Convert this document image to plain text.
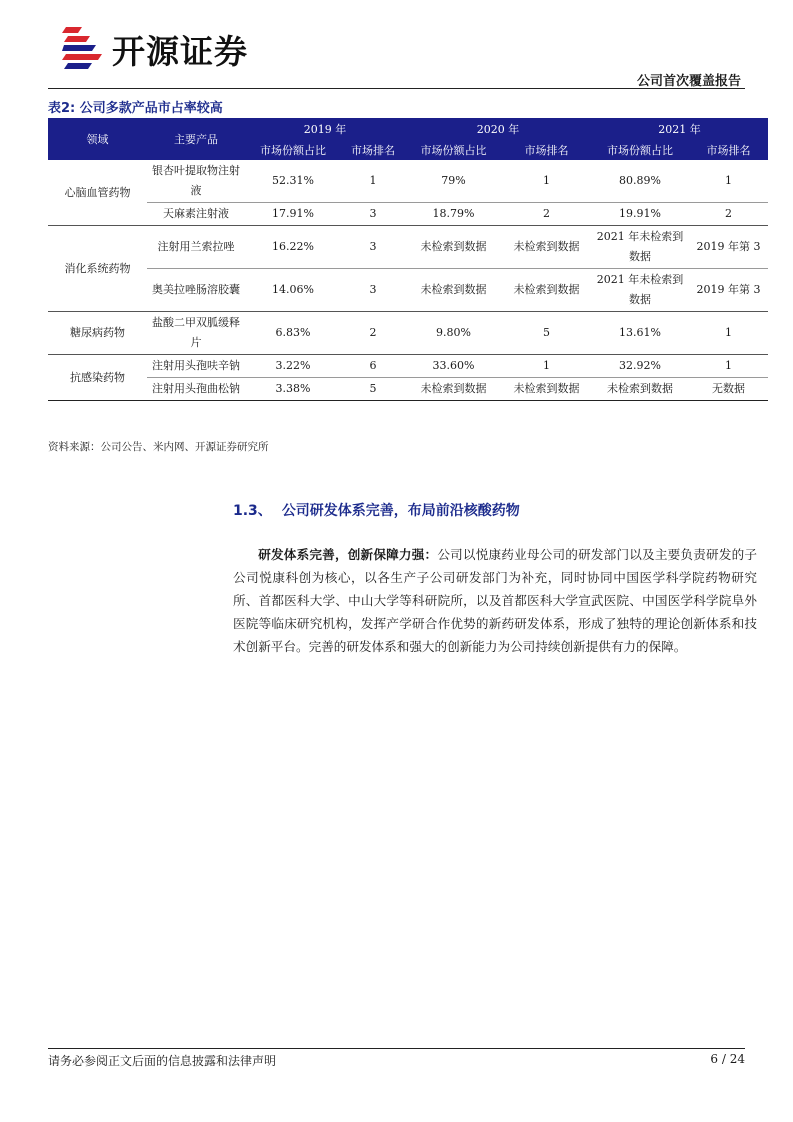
开源证券
公司首次覆盖报告
表2: 公司多款产品市占率较高
领域	主要产品	2019 年		2020 年		2021 年	
		市场份额占比	市场排名	市场份额占比	市场排名	市场份额占比	市场排名
心脑血管药物	银杏叶提取物注射液	52.31%	1	79%	1	80.89%	1
	天麻素注射液	17.91%	3	18.79%	2	19.91%	2
消化系统药物	注射用兰索拉唑	16.22%	3	未检索到数据	未检索到数据	2021 年未检索到数据	2019 年第 3
	奥美拉唑肠溶胶囊	14.06%	3	未检索到数据	未检索到数据	2021 年未检索到数据	2019 年第 3
糖尿病药物	盐酸二甲双胍缓释片	6.83%	2	9.80%	5	13.61%	1
抗感染药物	注射用头孢呋辛钠	3.22%	6	33.60%	1	32.92%	1
	注射用头孢曲松钠	3.38%	5	未检索到数据	未检索到数据	未检索到数据	无数据
资料来源：公司公告、米内网、开源证券研究所
1.3、 公司研发体系完善，布局前沿核酸药物

研发体系完善，创新保障力强：公司以悦康药业母公司的研发部门以及主要负责研发的子公司悦康科创为核心，以各生产子公司研发部门为补充，同时协同中国医学科学院药物研究所、首都医科大学、中山大学等科研院所，以及首都医科大学宣武医院、中国医学科学院阜外医院等临床研究机构，发挥产学研合作优势的新药研发体系，形成了独特的理论创新体系和技术创新平台。完善的研发体系和强大的创新能力为公司持续创新提供有力的保障。

请务必参阅正文后面的信息披露和法律声明	6 / 24
